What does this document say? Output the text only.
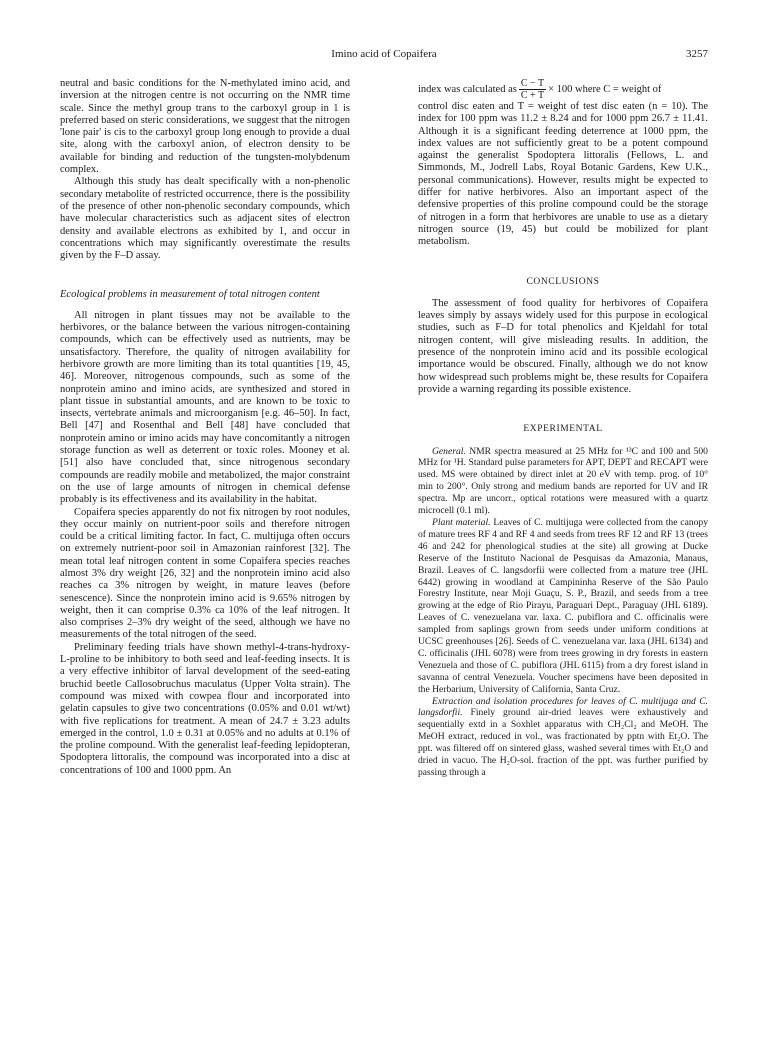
Imino acid of Copaifera	3257

neutral and basic conditions for the N-methylated imino acid, and inversion at the nitrogen centre is not occurring on the NMR time scale. Since the methyl group trans to the carboxyl group in 1 is preferred based on steric considerations, we suggest that the nitrogen 'lone pair' is cis to the carboxyl group long enough to provide a dual site, along with the carboxyl anion, of electron density to be available for binding and reduction of the tungsten-molybdenum complex.

Although this study has dealt specifically with a non-phenolic secondary metabolite of restricted occurrence, there is the possibility of the presence of other non-phenolic secondary compounds, which have molecular characteristics such as adjacent sites of electron density and available electrons as exhibited by 1, and occur in concentrations which may significantly overestimate the results given by the F–D assay.

Ecological problems in measurement of total nitrogen content

All nitrogen in plant tissues may not be available to the herbivores, or the balance between the various nitrogen-containing compounds, which can be effectively used as nutrients, may be unsatisfactory. Therefore, the quality of nitrogen availability for herbivore growth are more limiting than its total quantities [19, 45, 46]. Moreover, nitrogenous compounds, such as some of the nonprotein amino and imino acids, are synthesized and stored in plant tissue in substantial amounts, and are known to be toxic to insects, vertebrate animals and microorganism [e.g. 46–50]. In fact, Bell [47] and Rosenthal and Bell [48] have concluded that nonprotein amino or imino acids may have concomitantly a nitrogen storage function as well as deterrent or toxic roles. Mooney et al. [51] also have concluded that, since nitrogenous secondary compounds are readily mobile and metabolized, the major constraint on the use of large amounts of nitrogen in chemical defense probably is its effectiveness and its availability in the habitat.

Copaifera species apparently do not fix nitrogen by root nodules, they occur mainly on nutrient-poor soils and therefore nitrogen could be a critical limiting factor. In fact, C. multijuga often occurs on extremely nutrient-poor soil in Amazonian rainforest [32]. The mean total leaf nitrogen content in some Copaifera species reaches almost 3% dry weight [26, 32] and the nonprotein imino acid also reaches ca 3% nitrogen by weight, in mature leaves (before senescence). Since the nonprotein imino acid is 9.65% nitrogen by weight, then it can comprise 0.3% ca 10% of the leaf nitrogen. It also comprises 2–3% dry weight of the seed, although we have no measurements of the total nitrogen of the seed.

Preliminary feeding trials have shown methyl-4-trans-hydroxy-L-proline to be inhibitory to both seed and leaf-feeding insects. It is a very effective inhibitor of larval development of the seed-eating bruchid beetle Callosobruchus maculatus (Upper Volta strain). The compound was mixed with cowpea flour and incorporated into gelatin capsules to give two concentrations (0.05% and 0.01 wt/wt) with five replications for treatment. A mean of 24.7 ± 3.23 adults emerged in the control, 1.0 ± 0.31 at 0.05% and no adults at 0.1% of the proline compound. With the generalist leaf-feeding lepidopteran, Spodoptera littoralis, the compound was incorporated into a disc at concentrations of 100 and 1000 ppm. An

index was calculated as $\frac{C - T}{C + T} \times 100$ where C = weight of

control disc eaten and T = weight of test disc eaten (n = 10). The index for 100 ppm was 11.2 ± 8.24 and for 1000 ppm 26.7 ± 11.41. Although it is a significant feeding deterrence at 1000 ppm, the index values are not sufficiently great to be a potent compound against the generalist Spodoptera littoralis (Fellows, L. and Simmonds, M., Jodrell Labs, Royal Botanic Gardens, Kew U.K., personal communications). However, results might be expected to differ for native herbivores. Also an important aspect of the defensive properties of this proline compound could be the storage of nitrogen in a form that herbivores are unable to use as a dietary nitrogen source (19, 45) but could be mobilized for plant metabolism.

CONCLUSIONS

The assessment of food quality for herbivores of Copaifera leaves simply by assays widely used for this purpose in ecological studies, such as F–D for total phenolics and Kjeldahl for total nitrogen content, will give misleading results. In addition, the presence of the nonprotein imino acid and its possible ecological importance would be obscured. Finally, although we do not know how widespread such problems might be, these results for Copaifera provide a warning regarding its possible existence.

EXPERIMENTAL

General. NMR spectra measured at 25 MHz for ¹³C and 100 and 500 MHz for ¹H. Standard pulse parameters for APT, DEPT and RECAPT were used. MS were obtained by direct inlet at 20 eV with temp. prog. of 10° min to 200°. Only strong and medium bands are reported for UV and IR spectra. Mp are uncorr., optical rotations were measured with a quartz microcell (0.1 ml).

Plant material. Leaves of C. multijuga were collected from the canopy of mature trees RF 4 and RF 4 and seeds from trees RF 12 and RF 13 (trees 46 and 242 for phenological studies at the site) all growing at Ducke Reserve of the Instituto Nacional de Pesquisas da Amazonia, Manaus, Brazil. Leaves of C. langsdorfii were collected from a mature tree (JHL 6442) growing in woodland at Campininha Reserve of the São Paulo Forestry Institute, near Moji Guaçu, S. P., Brazil, and seeds from a tree growing at the edge of Rio Pirayu, Paraguari Dept., Paraguay (JHL 6189). Leaves of C. venezuelana var. laxa. C. pubiflora and C. officinalis were sampled from saplings grown from seeds under uniform conditions at UCSC greenhouses [26]. Seeds of C. venezuelana var. laxa (JHL 6134) and C. officinalis (JHL 6078) were from trees growing in dry forests in eastern Venezuela and those of C. pubiflora (JHL 6115) from a dry forest island in savanna of central Venezuela. Voucher specimens have been deposited in the Herbarium, University of California, Santa Cruz.

Extraction and isolation procedures for leaves of C. multijuga and C. langsdorfii. Finely ground air-dried leaves were exhaustively and sequentially extd in a Soxhlet apparatus with CH₂Cl₂ and MeOH. The MeOH extract, reduced in vol., was fractionated by pptn with Et₂O. The ppt. was filtered off on sintered glass, washed several times with Et₂O and dried in vacuo. The H₂O-sol. fraction of the ppt. was further purified by passing through a
